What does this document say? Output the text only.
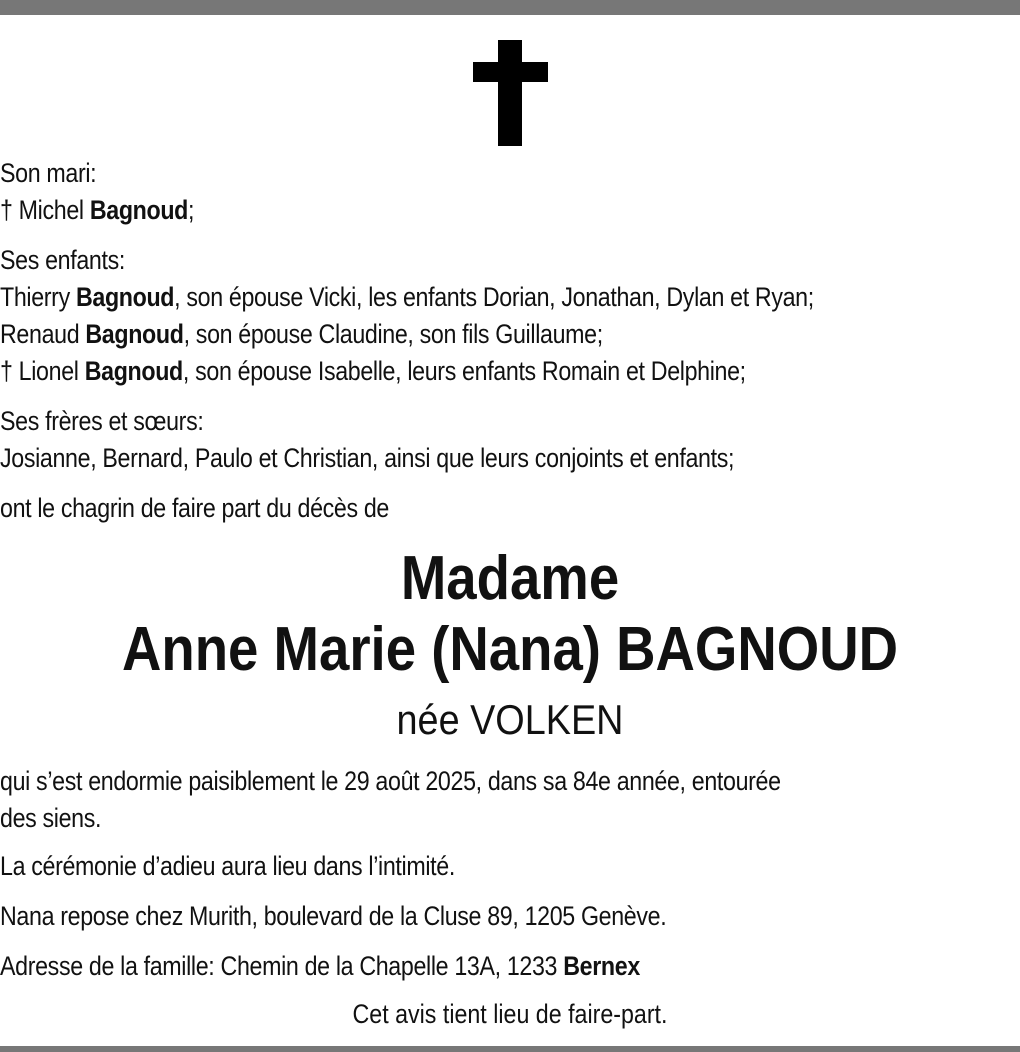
Son mari:
† Michel Bagnoud;
Ses enfants:
Thierry Bagnoud, son épouse Vicki, les enfants Dorian, Jonathan, Dylan et Ryan;
Renaud Bagnoud, son épouse Claudine, son fils Guillaume;
† Lionel Bagnoud, son épouse Isabelle, leurs enfants Romain et Delphine;
Ses frères et sœurs:
Josianne, Bernard, Paulo et Christian, ainsi que leurs conjoints et enfants;
ont le chagrin de faire part du décès de
Madame
Anne Marie (Nana) BAGNOUD
née VOLKEN
qui s’est endormie paisiblement le 29 août 2025, dans sa 84e année, entourée
des siens.
La cérémonie d’adieu aura lieu dans l’intimité.
Nana repose chez Murith, boulevard de la Cluse 89, 1205 Genève.
Adresse de la famille: Chemin de la Chapelle 13A, 1233 Bernex
Cet avis tient lieu de faire-part.
